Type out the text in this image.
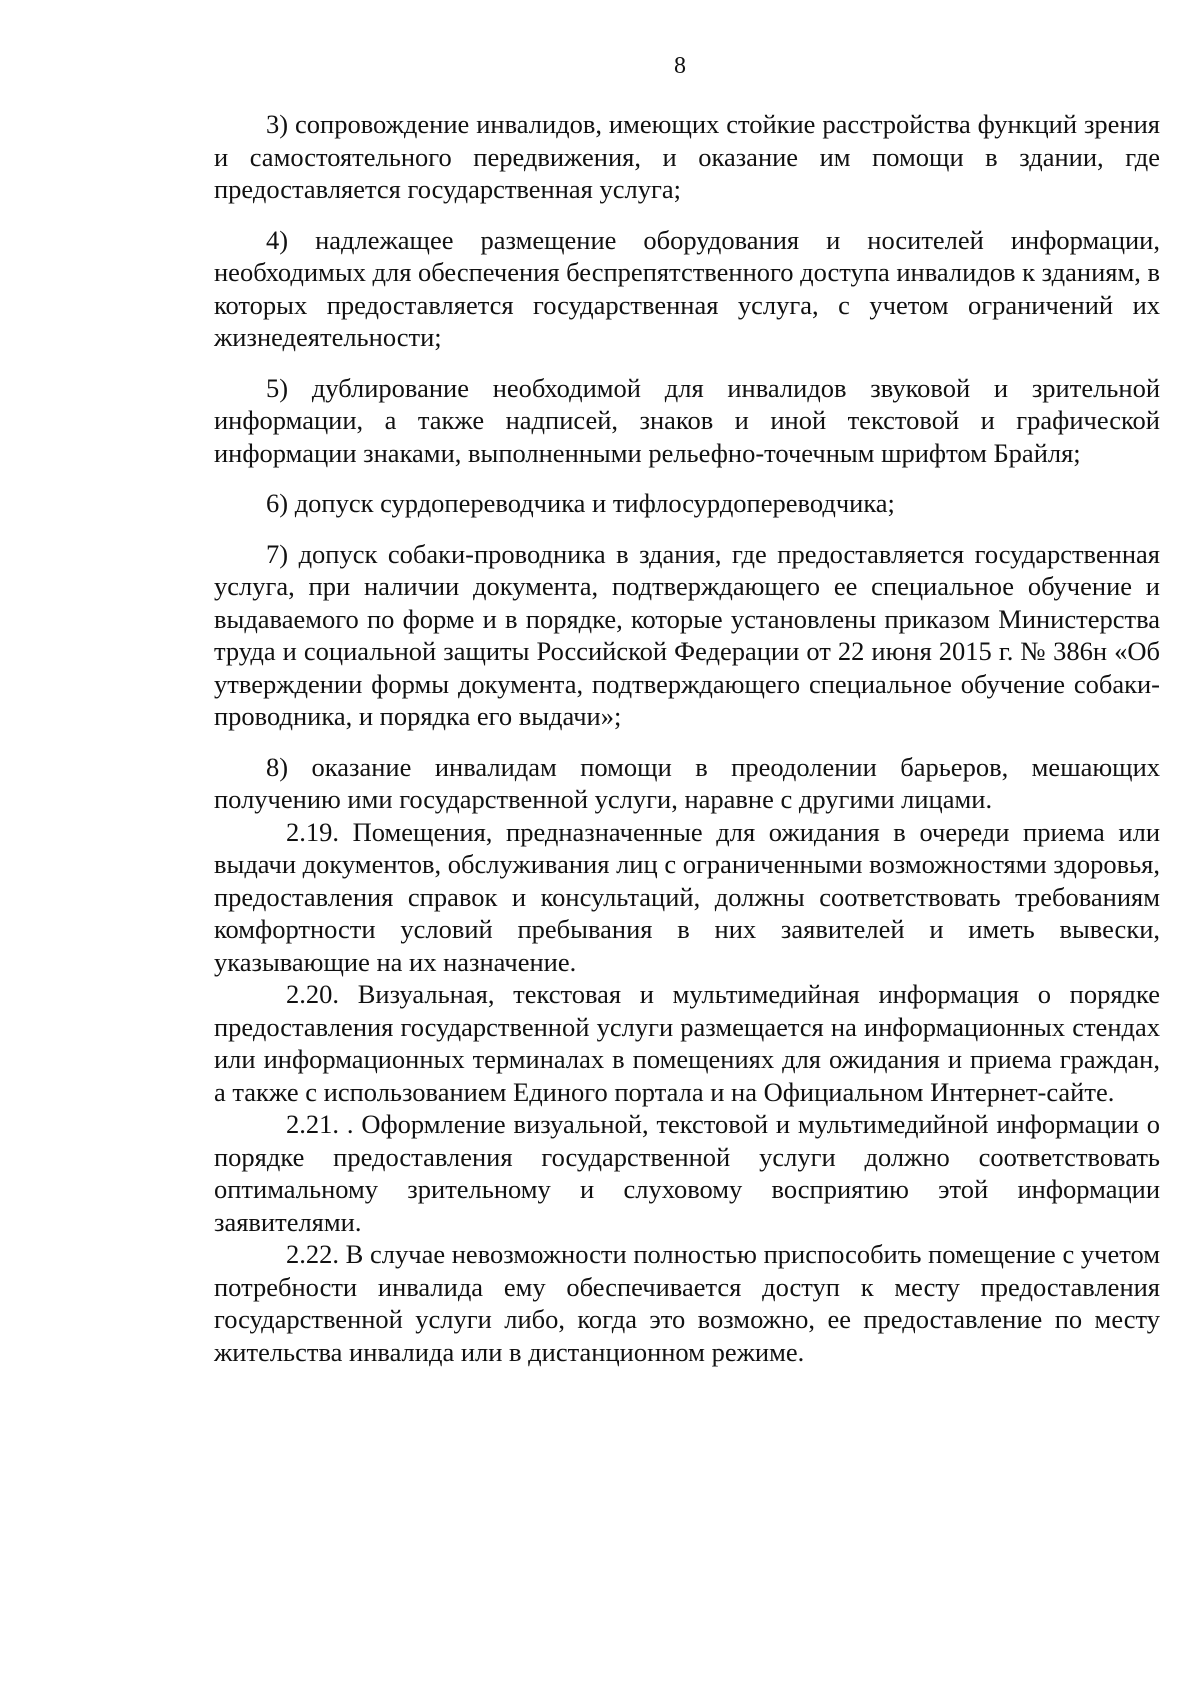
8

3) сопровождение инвалидов, имеющих стойкие расстройства функций зрения и самостоятельного передвижения, и оказание им помощи в здании, где предоставляется государственная услуга;

4) надлежащее размещение оборудования и носителей информации, необходимых для обеспечения беспрепятственного доступа инвалидов к зданиям, в которых предоставляется государственная услуга, с учетом ограничений их жизнедеятельности;

5) дублирование необходимой для инвалидов звуковой и зрительной информации, а также надписей, знаков и иной текстовой и графической информации знаками, выполненными рельефно-точечным шрифтом Брайля;

6) допуск сурдопереводчика и тифлосурдопереводчика;

7) допуск собаки-проводника в здания, где предоставляется государственная услуга, при наличии документа, подтверждающего ее специальное обучение и выдаваемого по форме и в порядке, которые установлены приказом Министерства труда и социальной защиты Российской Федерации от 22 июня 2015 г. № 386н «Об утверждении формы документа, подтверждающего специальное обучение собаки-проводника, и порядка его выдачи»;

8) оказание инвалидам помощи в преодолении барьеров, мешающих получению ими государственной услуги, наравне с другими лицами.

2.19. Помещения, предназначенные для ожидания в очереди приема или выдачи документов, обслуживания лиц с ограниченными возможностями здоровья, предоставления справок и консультаций, должны соответствовать требованиям комфортности условий пребывания в них заявителей и иметь вывески, указывающие на их назначение.

2.20. Визуальная, текстовая и мультимедийная информация о порядке предоставления государственной услуги размещается на информационных стендах или информационных терминалах в помещениях для ожидания и приема граждан, а также с использованием Единого портала и на Официальном Интернет-сайте.

2.21. . Оформление визуальной, текстовой и мультимедийной информации о порядке предоставления государственной услуги должно соответствовать оптимальному зрительному и слуховому восприятию этой информации заявителями.

2.22. В случае невозможности полностью приспособить помещение с учетом потребности инвалида ему обеспечивается доступ к месту предоставления государственной услуги либо, когда это возможно, ее предоставление по месту жительства инвалида или в дистанционном режиме.
